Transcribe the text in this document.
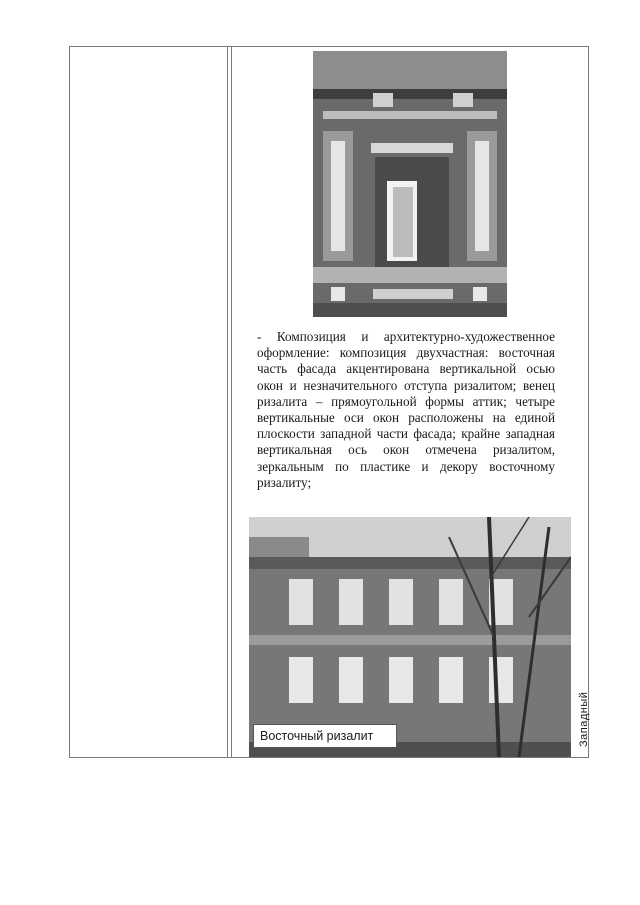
- Композиция и архитектурно-художественное оформление: композиция двухчастная: восточная часть фасада акцентирована вертикальной осью окон и незначительного отступа ризалитом; венец ризалита – прямоугольной формы аттик; четыре вертикальные оси окон расположены на единой плоскости западной части фасада; крайне западная вертикальная ось окон отмечена ризалитом, зеркальным по пластике и декору восточному ризалиту;

Восточный ризалит	Западный
